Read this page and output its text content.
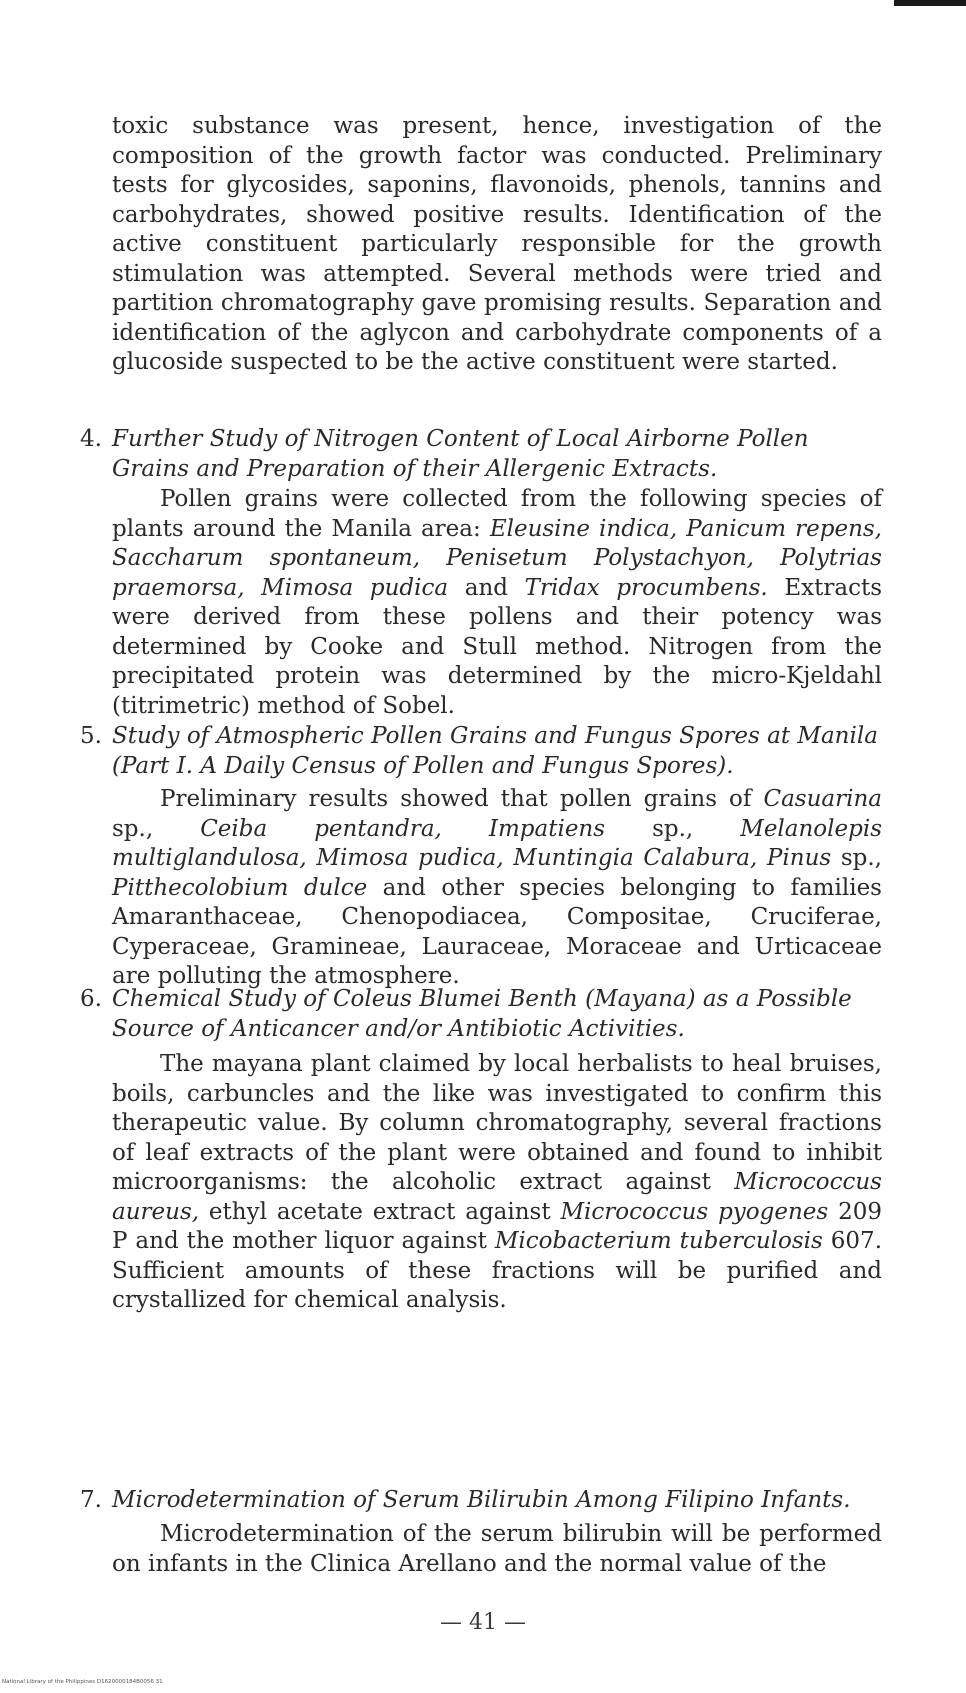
toxic substance was present, hence, investigation of the composition of the growth factor was conducted. Preliminary tests for glycosides, saponins, flavonoids, phenols, tannins and carbohydrates, showed positive results. Identification of the active constituent particularly responsible for the growth stimulation was attempted. Several methods were tried and partition chromatography gave promising results. Separation and identification of the aglycon and carbohydrate components of a glucoside suspected to be the active constituent were started.

4. Further Study of Nitrogen Content of Local Airborne Pollen Grains and Preparation of their Allergenic Extracts.

Pollen grains were collected from the following species of plants around the Manila area: Eleusine indica, Panicum repens, Saccharum spontaneum, Penisetum Polystachyon, Polytrias praemorsa, Mimosa pudica and Tridax procumbens. Extracts were derived from these pollens and their potency was determined by Cooke and Stull method. Nitrogen from the precipitated protein was determined by the micro-Kjeldahl (titrimetric) method of Sobel.

5. Study of Atmospheric Pollen Grains and Fungus Spores at Manila (Part I. A Daily Census of Pollen and Fungus Spores).

Preliminary results showed that pollen grains of Casuarina sp., Ceiba pentandra, Impatiens sp., Melanolepis multiglandulosa, Mimosa pudica, Muntingia Calabura, Pinus sp., Pitthecolobium dulce and other species belonging to families Amaranthaceae, Chenopodiacea, Compositae, Cruciferae, Cyperaceae, Gramineae, Lauraceae, Moraceae and Urticaceae are polluting the atmosphere.

6. Chemical Study of Coleus Blumei Benth (Mayana) as a Possible Source of Anticancer and/or Antibiotic Activities.

The mayana plant claimed by local herbalists to heal bruises, boils, carbuncles and the like was investigated to confirm this therapeutic value. By column chromatography, several fractions of leaf extracts of the plant were obtained and found to inhibit microorganisms: the alcoholic extract against Micrococcus aureus, ethyl acetate extract against Micrococcus pyogenes 209 P and the mother liquor against Micobacterium tuberculosis 607. Sufficient amounts of these fractions will be purified and crystallized for chemical analysis.

7. Microdetermination of Serum Bilirubin Among Filipino Infants.

Microdetermination of the serum bilirubin will be performed on infants in the Clinica Arellano and the normal value of the

— 41 —
National Library of the Philippines D1620000184B0056 31
